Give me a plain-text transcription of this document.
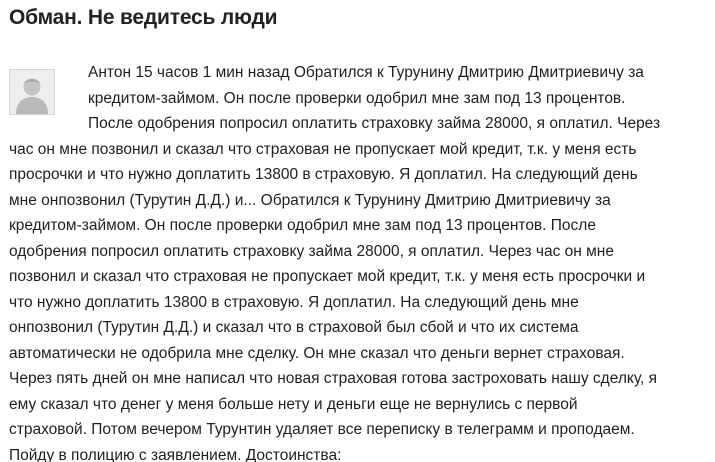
Обман. Не ведитесь люди

Антон 15 часов 1 мин назад Обратился к Турунину Дмитрию Дмитриевичу за
кредитом-займом. Он после проверки одобрил мне зам под 13 процентов.
После одобрения попросил оплатить страховку займа 28000, я оплатил. Через
час он мне позвонил и сказал что страховая не пропускает мой кредит, т.к. у меня есть
просрочки и что нужно доплатить 13800 в страховую. Я доплатил. На следующий день
мне онпозвонил (Турутин Д.Д.) и... Обратился к Турунину Дмитрию Дмитриевичу за
кредитом-займом. Он после проверки одобрил мне зам под 13 процентов. После
одобрения попросил оплатить страховку займа 28000, я оплатил. Через час он мне
позвонил и сказал что страховая не пропускает мой кредит, т.к. у меня есть просрочки и
что нужно доплатить 13800 в страховую. Я доплатил. На следующий день мне
онпозвонил (Турутин Д.Д.) и сказал что в страховой был сбой и что их система
автоматически не одобрила мне сделку. Он мне сказал что деньги вернет страховая.
Через пять дней он мне написал что новая страховая готова застроховать нашу сделку, я
ему сказал что денег у меня больше нету и деньги еще не вернулись с первой
страховой. Потом вечером Турунтин удаляет все переписку в телеграмм и проподаем.
Пойду в полицию с заявлением. Достоинства:
